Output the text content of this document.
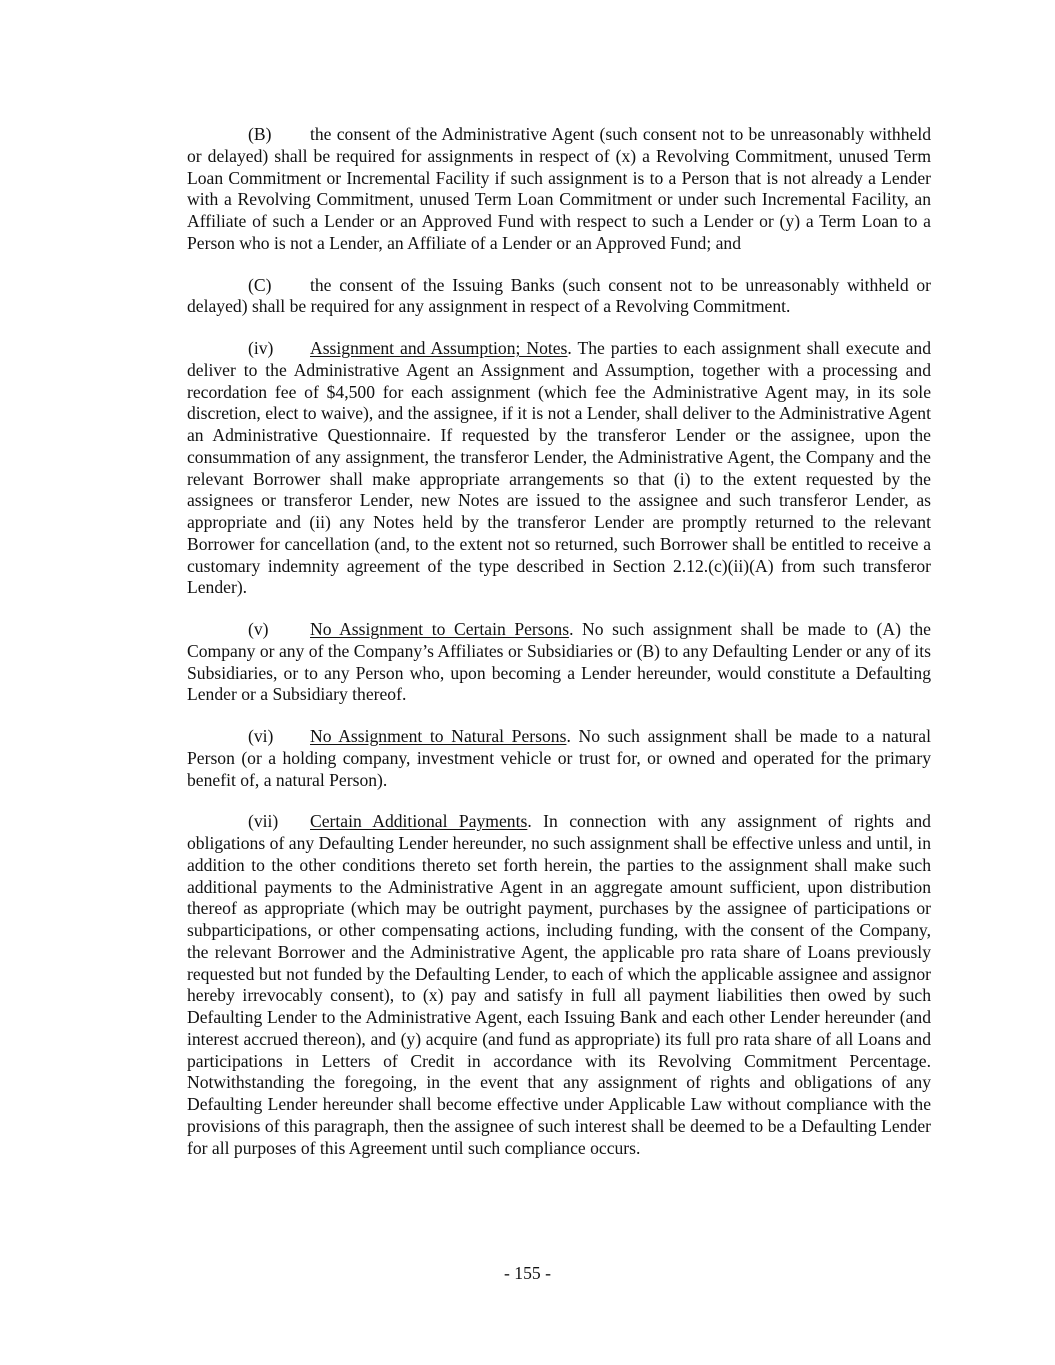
(B) the consent of the Administrative Agent (such consent not to be unreasonably withheld or delayed) shall be required for assignments in respect of (x) a Revolving Commitment, unused Term Loan Commitment or Incremental Facility if such assignment is to a Person that is not already a Lender with a Revolving Commitment, unused Term Loan Commitment or under such Incremental Facility, an Affiliate of such a Lender or an Approved Fund with respect to such a Lender or (y) a Term Loan to a Person who is not a Lender, an Affiliate of a Lender or an Approved Fund; and

(C) the consent of the Issuing Banks (such consent not to be unreasonably withheld or delayed) shall be required for any assignment in respect of a Revolving Commitment.

(iv) Assignment and Assumption; Notes. The parties to each assignment shall execute and deliver to the Administrative Agent an Assignment and Assumption, together with a processing and recordation fee of $4,500 for each assignment (which fee the Administrative Agent may, in its sole discretion, elect to waive), and the assignee, if it is not a Lender, shall deliver to the Administrative Agent an Administrative Questionnaire. If requested by the transferor Lender or the assignee, upon the consummation of any assignment, the transferor Lender, the Administrative Agent, the Company and the relevant Borrower shall make appropriate arrangements so that (i) to the extent requested by the assignees or transferor Lender, new Notes are issued to the assignee and such transferor Lender, as appropriate and (ii) any Notes held by the transferor Lender are promptly returned to the relevant Borrower for cancellation (and, to the extent not so returned, such Borrower shall be entitled to receive a customary indemnity agreement of the type described in Section 2.12.(c)(ii)(A) from such transferor Lender).

(v) No Assignment to Certain Persons. No such assignment shall be made to (A) the Company or any of the Company’s Affiliates or Subsidiaries or (B) to any Defaulting Lender or any of its Subsidiaries, or to any Person who, upon becoming a Lender hereunder, would constitute a Defaulting Lender or a Subsidiary thereof.

(vi) No Assignment to Natural Persons. No such assignment shall be made to a natural Person (or a holding company, investment vehicle or trust for, or owned and operated for the primary benefit of, a natural Person).

(vii) Certain Additional Payments. In connection with any assignment of rights and obligations of any Defaulting Lender hereunder, no such assignment shall be effective unless and until, in addition to the other conditions thereto set forth herein, the parties to the assignment shall make such additional payments to the Administrative Agent in an aggregate amount sufficient, upon distribution thereof as appropriate (which may be outright payment, purchases by the assignee of participations or subparticipations, or other compensating actions, including funding, with the consent of the Company, the relevant Borrower and the Administrative Agent, the applicable pro rata share of Loans previously requested but not funded by the Defaulting Lender, to each of which the applicable assignee and assignor hereby irrevocably consent), to (x) pay and satisfy in full all payment liabilities then owed by such Defaulting Lender to the Administrative Agent, each Issuing Bank and each other Lender hereunder (and interest accrued thereon), and (y) acquire (and fund as appropriate) its full pro rata share of all Loans and participations in Letters of Credit in accordance with its Revolving Commitment Percentage. Notwithstanding the foregoing, in the event that any assignment of rights and obligations of any Defaulting Lender hereunder shall become effective under Applicable Law without compliance with the provisions of this paragraph, then the assignee of such interest shall be deemed to be a Defaulting Lender for all purposes of this Agreement until such compliance occurs.

- 155 -
